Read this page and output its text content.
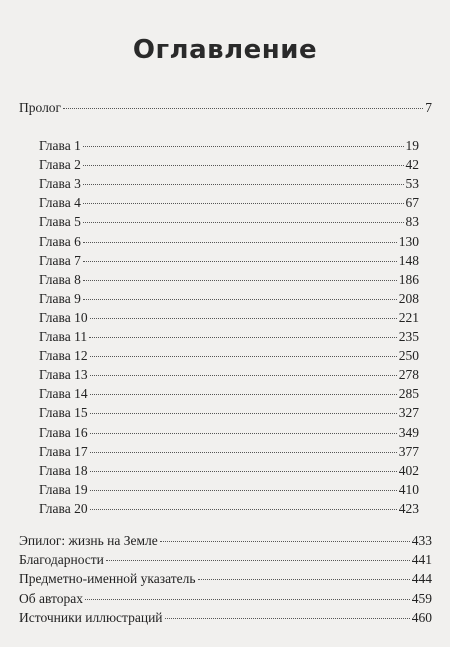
Оглавление
Пролог	7
Глава 1	19
Глава 2	42
Глава 3	53
Глава 4	67
Глава 5	83
Глава 6	130
Глава 7	148
Глава 8	186
Глава 9	208
Глава 10	221
Глава 11	235
Глава 12	250
Глава 13	278
Глава 14	285
Глава 15	327
Глава 16	349
Глава 17	377
Глава 18	402
Глава 19	410
Глава 20	423
Эпилог: жизнь на Земле	433
Благодарности	441
Предметно-именной указатель	444
Об авторах	459
Источники иллюстраций	460
